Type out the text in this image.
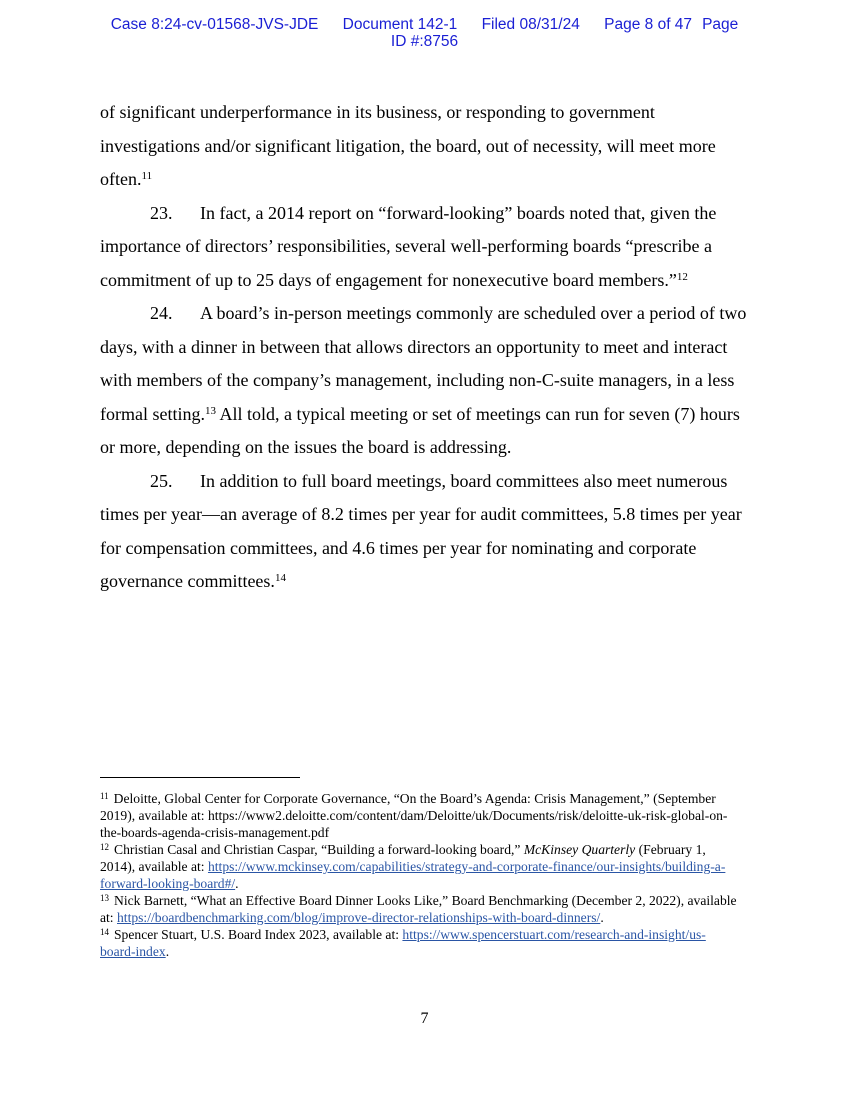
Case 8:24-cv-01568-JVS-JDE Document 142-1 Filed 08/31/24 Page 8 of 47 Page
ID #:8756

of significant underperformance in its business, or responding to government investigations and/or significant litigation, the board, out of necessity, will meet more often.$^{11}$

23. In fact, a 2014 report on “forward-looking” boards noted that, given the importance of directors’ responsibilities, several well-performing boards “prescribe a commitment of up to 25 days of engagement for nonexecutive board members.”$^{12}$

24. A board’s in-person meetings commonly are scheduled over a period of two days, with a dinner in between that allows directors an opportunity to meet and interact with members of the company’s management, including non-C-suite managers, in a less formal setting.$^{13}$ All told, a typical meeting or set of meetings can run for seven (7) hours or more, depending on the issues the board is addressing.

25. In addition to full board meetings, board committees also meet numerous times per year—an average of 8.2 times per year for audit committees, 5.8 times per year for compensation committees, and 4.6 times per year for nominating and corporate governance committees.$^{14}$

$^{11}$ Deloitte, Global Center for Corporate Governance, “On the Board’s Agenda: Crisis Management,” (September 2019), available at: https://www2.deloitte.com/content/dam/Deloitte/uk/Documents/risk/deloitte-uk-risk-global-on-the-boards-agenda-crisis-management.pdf

$^{12}$ Christian Casal and Christian Caspar, “Building a forward-looking board,” McKinsey Quarterly (February 1, 2014), available at: https://www.mckinsey.com/capabilities/strategy-and-corporate-finance/our-insights/building-a-forward-looking-board#/.

$^{13}$ Nick Barnett, “What an Effective Board Dinner Looks Like,” Board Benchmarking (December 2, 2022), available at: https://boardbenchmarking.com/blog/improve-director-relationships-with-board-dinners/.

$^{14}$ Spencer Stuart, U.S. Board Index 2023, available at: https://www.spencerstuart.com/research-and-insight/us-board-index.

7
